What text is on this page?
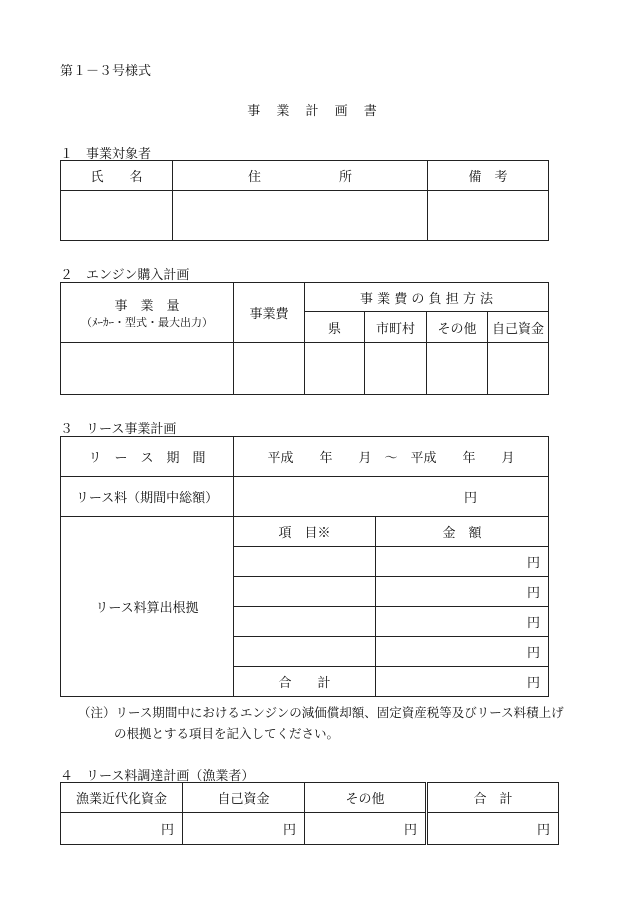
第１－３号様式
事 業 計 画 書
１　事業対象者
氏　　名	住　　　　　　所	備　考

２　エンジン購入計画
事　業　量
（ﾒｰｶｰ・型式・最大出力）	事業費	事 業 費 の 負 担 方 法			
		県	市町村	その他	自己資金

３　リース事業計画
リ　ー　ス　期　間	平成　　年　　月　～　平成　　年　　月	
リース料（期間中総額）	円	
リース料算出根拠	項　目※	金　額
		円
		円
		円
		円
	合　　計	円
（注）リース期間中におけるエンジンの減価償却額、固定資産税等及びリース料積上げ
の根拠とする項目を記入してください。
４　リース料調達計画（漁業者）
漁業近代化資金	自己資金	その他	合　計
円	円	円	円
